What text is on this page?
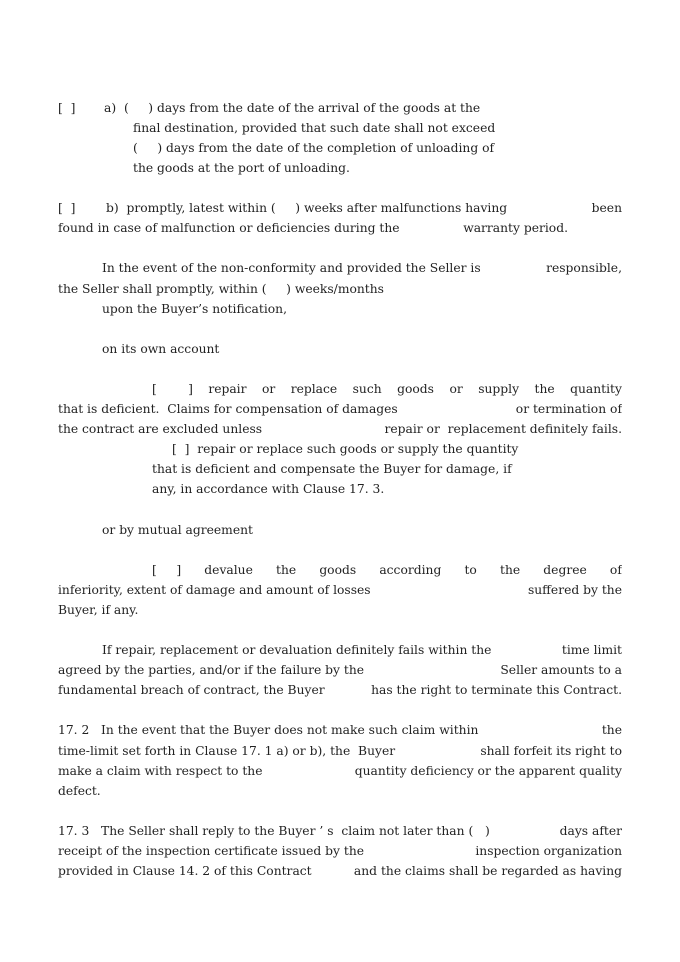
[  ] a)  (     ) days from the date of the arrival of the goods at the
final destination, provided that such date shall not exceed
(     ) days from the date of the completion of unloading of
the goods at the port of unloading.
[  ] b)  promptly, latest within (     ) weeks after malfunctions having	been
found in case of malfunction or deficiencies during the	warranty period.
In the event of the non-conformity and provided the Seller is	responsible,
the Seller shall promptly, within (     ) weeks/months
upon the Buyer’s notification,
on its own account
[        ] repair or replace such goods or supply the quantity
that is deficient.  Claims for compensation of damages	or termination of
the contract are excluded unless	repair or  replacement definitely fails.
[  ]  repair or replace such goods or supply the quantity
that is deficient and compensate the Buyer for damage, if
any, in accordance with Clause 17. 3.
or by mutual agreement
[     ] devalue the goods according to the degree of
inferiority, extent of damage and amount of losses	suffered by the
Buyer, if any.
If repair, replacement or devaluation definitely fails within the	time limit
agreed by the parties, and/or if the failure by the	Seller amounts to a
fundamental breach of contract, the Buyer	has the right to terminate this Contract.
17. 2   In the event that the Buyer does not make such claim within	the
time-limit set forth in Clause 17. 1 a) or b), the  Buyer	shall forfeit its right to
make a claim with respect to the	quantity deficiency or the apparent quality
defect.
17. 3   The Seller shall reply to the Buyer ’ s  claim not later than (   )	days after
receipt of the inspection certificate issued by the	inspection organization
provided in Clause 14. 2 of this Contract	and the claims shall be regarded as having
